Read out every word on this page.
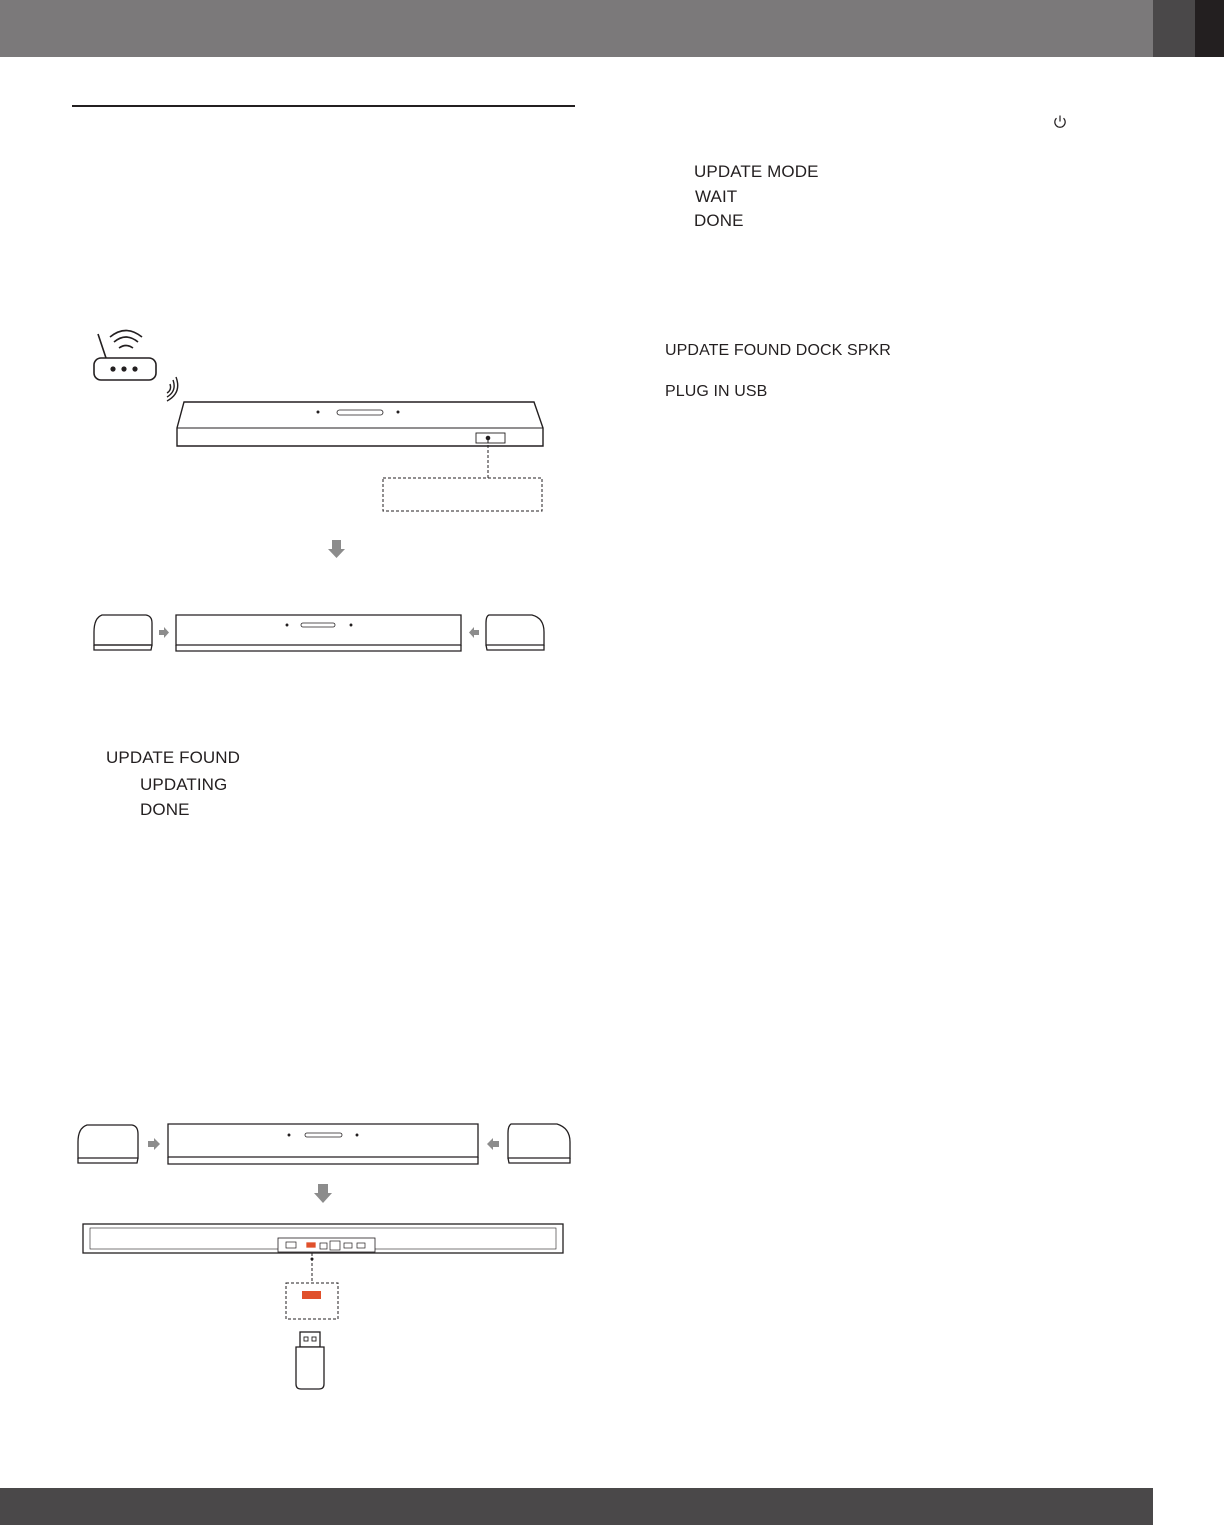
UPDATE MODE
WAIT
DONE
UPDATE FOUND DOCK SPKR
PLUG IN USB
UPDATE FOUND
UPDATING
DONE
